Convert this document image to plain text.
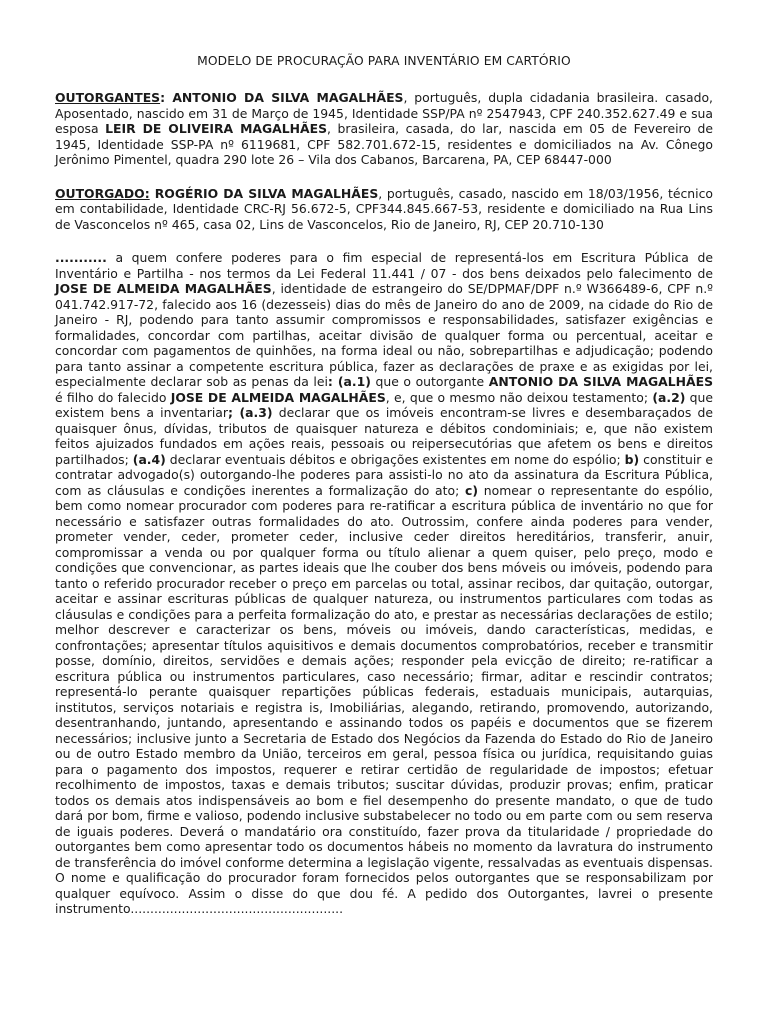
MODELO DE PROCURAÇÃO PARA INVENTÁRIO EM CARTÓRIO

OUTORGANTES: ANTONIO DA SILVA MAGALHÃES, português, dupla cidadania brasileira. casado, Aposentado, nascido em 31 de Março de 1945, Identidade SSP/PA nº 2547943, CPF 240.352.627.49 e sua esposa LEIR DE OLIVEIRA MAGALHÃES, brasileira, casada, do lar, nascida em 05 de Fevereiro de 1945, Identidade SSP-PA nº 6119681, CPF 582.701.672-15, residentes e domiciliados na Av. Cônego Jerônimo Pimentel, quadra 290 lote 26 – Vila dos Cabanos, Barcarena, PA, CEP 68447-000

OUTORGADO: ROGÉRIO DA SILVA MAGALHÃES, português, casado, nascido em 18/03/1956, técnico em contabilidade, Identidade CRC-RJ 56.672-5, CPF344.845.667-53, residente e domiciliado na Rua Lins de Vasconcelos nº 465, casa 02, Lins de Vasconcelos, Rio de Janeiro, RJ, CEP 20.710-130

........... a quem confere poderes para o fim especial de representá-los em Escritura Pública de Inventário e Partilha - nos termos da Lei Federal 11.441 / 07 - dos bens deixados pelo falecimento de JOSE DE ALMEIDA MAGALHÃES, identidade de estrangeiro do SE/DPMAF/DPF n.º W366489-6, CPF n.º 041.742.917-72, falecido aos 16 (dezesseis) dias do mês de Janeiro do ano de 2009, na cidade do Rio de Janeiro - RJ, podendo para tanto assumir compromissos e responsabilidades, satisfazer exigências e formalidades, concordar com partilhas, aceitar divisão de qualquer forma ou percentual, aceitar e concordar com pagamentos de quinhões, na forma ideal ou não, sobrepartilhas e adjudicação; podendo para tanto assinar a competente escritura pública, fazer as declarações de praxe e as exigidas por lei, especialmente declarar sob as penas da lei: (a.1) que o outorgante ANTONIO DA SILVA MAGALHÃES é filho do falecido JOSE DE ALMEIDA MAGALHÃES, e, que o mesmo não deixou testamento; (a.2) que existem bens a inventariar; (a.3) declarar que os imóveis encontram-se livres e desembaraçados de quaisquer ônus, dívidas, tributos de quaisquer natureza e débitos condominiais; e, que não existem feitos ajuizados fundados em ações reais, pessoais ou reipersecutórias que afetem os bens e direitos partilhados; (a.4) declarar eventuais débitos e obrigações existentes em nome do espólio; b) constituir e contratar advogado(s) outorgando-lhe poderes para assisti-lo no ato da assinatura da Escritura Pública, com as cláusulas e condições inerentes a formalização do ato; c) nomear o representante do espólio, bem como nomear procurador com poderes para re-ratificar a escritura pública de inventário no que for necessário e satisfazer outras formalidades do ato. Outrossim, confere ainda poderes para vender, prometer vender, ceder, prometer ceder, inclusive ceder direitos hereditários, transferir, anuir, compromissar a venda ou por qualquer forma ou título alienar a quem quiser, pelo preço, modo e condições que convencionar, as partes ideais que lhe couber dos bens móveis ou imóveis, podendo para tanto o referido procurador receber o preço em parcelas ou total, assinar recibos, dar quitação, outorgar, aceitar e assinar escrituras públicas de qualquer natureza, ou instrumentos particulares com todas as cláusulas e condições para a perfeita formalização do ato, e prestar as necessárias declarações de estilo; melhor descrever e caracterizar os bens, móveis ou imóveis, dando características, medidas, e confrontações; apresentar títulos aquisitivos e demais documentos comprobatórios, receber e transmitir posse, domínio, direitos, servidões e demais ações; responder pela evicção de direito; re-ratificar a escritura pública ou instrumentos particulares, caso necessário; firmar, aditar e rescindir contratos; representá-lo perante quaisquer repartições públicas federais, estaduais municipais, autarquias, institutos, serviços notariais e registra is, Imobiliárias, alegando, retirando, promovendo, autorizando, desentranhando, juntando, apresentando e assinando todos os papéis e documentos que se fizerem necessários; inclusive junto a Secretaria de Estado dos Negócios da Fazenda do Estado do Rio de Janeiro ou de outro Estado membro da União, terceiros em geral, pessoa física ou jurídica, requisitando guias para o pagamento dos impostos, requerer e retirar certidão de regularidade de impostos; efetuar recolhimento de impostos, taxas e demais tributos; suscitar dúvidas, produzir provas; enfim, praticar todos os demais atos indispensáveis ao bom e fiel desempenho do presente mandato, o que de tudo dará por bom, firme e valioso, podendo inclusive substabelecer no todo ou em parte com ou sem reserva de iguais poderes. Deverá o mandatário ora constituído, fazer prova da titularidade / propriedade do outorgantes bem como apresentar todo os documentos hábeis no momento da lavratura do instrumento de transferência do imóvel conforme determina a legislação vigente, ressalvadas as eventuais dispensas. O nome e qualificação do procurador foram fornecidos pelos outorgantes que se responsabilizam por qualquer equívoco. Assim o disse do que dou fé. A pedido dos Outorgantes, lavrei o presente instrumento......................................................
